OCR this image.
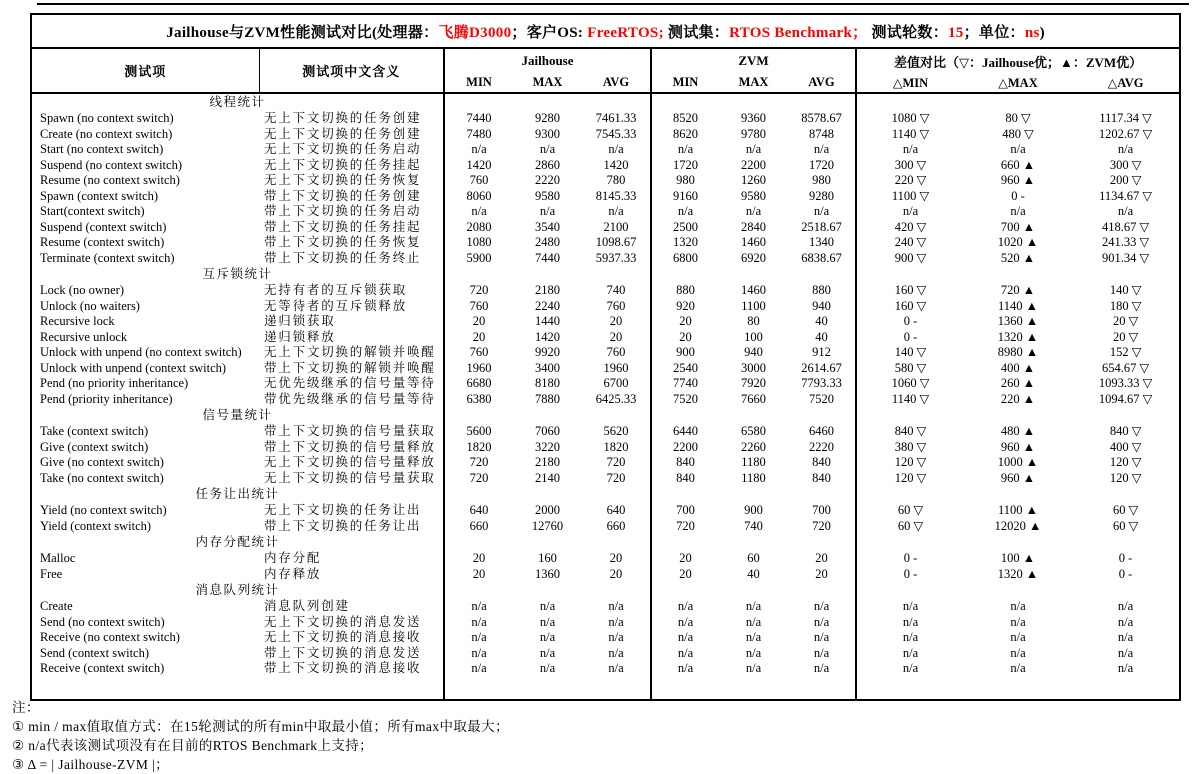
Jailhouse与ZVM性能测试对比(处理器：飞腾D3000；客户OS: FreeRTOS; 测试集：RTOS Benchmark； 测试轮数：15；单位：ns)										
测试项	测试项中文含义	Jailhouse			ZVM			差值对比（▽：Jailhouse优；▲：ZVM优）		
		MIN	MAX	AVG	MIN	MAX	AVG	△MIN	△MAX	△AVG
线程统计										
Spawn (no context switch)	无上下文切换的任务创建	7440	9280	7461.33	8520	9360	8578.67	1080 ▽	80 ▽	1117.34 ▽
Create (no context switch)	无上下文切换的任务创建	7480	9300	7545.33	8620	9780	8748	1140 ▽	480 ▽	1202.67 ▽
Start (no context switch)	无上下文切换的任务启动	n/a	n/a	n/a	n/a	n/a	n/a	n/a	n/a	n/a
Suspend (no context switch)	无上下文切换的任务挂起	1420	2860	1420	1720	2200	1720	300 ▽	660 ▲	300 ▽
Resume (no context switch)	无上下文切换的任务恢复	760	2220	780	980	1260	980	220 ▽	960 ▲	200 ▽
Spawn (context switch)	带上下文切换的任务创建	8060	9580	8145.33	9160	9580	9280	1100 ▽	0 -	1134.67 ▽
Start(context switch)	带上下文切换的任务启动	n/a	n/a	n/a	n/a	n/a	n/a	n/a	n/a	n/a
Suspend (context switch)	带上下文切换的任务挂起	2080	3540	2100	2500	2840	2518.67	420 ▽	700 ▲	418.67 ▽
Resume (context switch)	带上下文切换的任务恢复	1080	2480	1098.67	1320	1460	1340	240 ▽	1020 ▲	241.33 ▽
Terminate (context switch)	带上下文切换的任务终止	5900	7440	5937.33	6800	6920	6838.67	900 ▽	520 ▲	901.34 ▽
互斥锁统计										
Lock (no owner)	无持有者的互斥锁获取	720	2180	740	880	1460	880	160 ▽	720 ▲	140 ▽
Unlock (no waiters)	无等待者的互斥锁释放	760	2240	760	920	1100	940	160 ▽	1140 ▲	180 ▽
Recursive lock	递归锁获取	20	1440	20	20	80	40	0 -	1360 ▲	20 ▽
Recursive unlock	递归锁释放	20	1420	20	20	100	40	0 -	1320 ▲	20 ▽
Unlock with unpend (no context switch)	无上下文切换的解锁并唤醒	760	9920	760	900	940	912	140 ▽	8980 ▲	152 ▽
Unlock with unpend (context switch)	带上下文切换的解锁并唤醒	1960	3400	1960	2540	3000	2614.67	580 ▽	400 ▲	654.67 ▽
Pend (no priority inheritance)	无优先级继承的信号量等待	6680	8180	6700	7740	7920	7793.33	1060 ▽	260 ▲	1093.33 ▽
Pend (priority inheritance)	带优先级继承的信号量等待	6380	7880	6425.33	7520	7660	7520	1140 ▽	220 ▲	1094.67 ▽
信号量统计										
Take (context switch)	带上下文切换的信号量获取	5600	7060	5620	6440	6580	6460	840 ▽	480 ▲	840 ▽
Give (context switch)	带上下文切换的信号量释放	1820	3220	1820	2200	2260	2220	380 ▽	960 ▲	400 ▽
Give (no context switch)	无上下文切换的信号量释放	720	2180	720	840	1180	840	120 ▽	1000 ▲	120 ▽
Take (no context switch)	无上下文切换的信号量获取	720	2140	720	840	1180	840	120 ▽	960 ▲	120 ▽
任务让出统计										
Yield (no context switch)	无上下文切换的任务让出	640	2000	640	700	900	700	60 ▽	1100 ▲	60 ▽
Yield (context switch)	带上下文切换的任务让出	660	12760	660	720	740	720	60 ▽	12020 ▲	60 ▽
内存分配统计										
Malloc	内存分配	20	160	20	20	60	20	0 -	100 ▲	0 -
Free	内存释放	20	1360	20	20	40	20	0 -	1320 ▲	0 -
消息队列统计										
Create	消息队列创建	n/a	n/a	n/a	n/a	n/a	n/a	n/a	n/a	n/a
Send (no context switch)	无上下文切换的消息发送	n/a	n/a	n/a	n/a	n/a	n/a	n/a	n/a	n/a
Receive (no context switch)	无上下文切换的消息接收	n/a	n/a	n/a	n/a	n/a	n/a	n/a	n/a	n/a
Send (context switch)	带上下文切换的消息发送	n/a	n/a	n/a	n/a	n/a	n/a	n/a	n/a	n/a
Receive (context switch)	带上下文切换的消息接收	n/a	n/a	n/a	n/a	n/a	n/a	n/a	n/a	n/a

注：
① min / max值取值方式：在15轮测试的所有min中取最小值；所有max中取最大；
② n/a代表该测试项没有在目前的RTOS Benchmark上支持；
③ Δ = | Jailhouse-ZVM |；
